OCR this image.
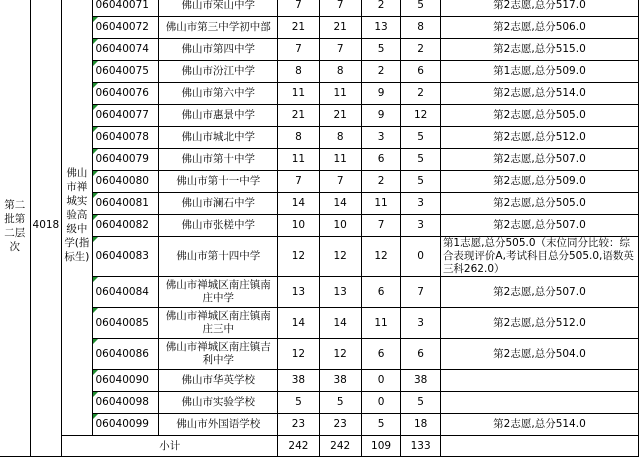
第二批第二层次	4018	佛山市禅城实验高级中学(指标生)	06040071	佛山市荣山中学	7	7	2	5	第2志愿,总分517.0
			06040072	佛山市第三中学初中部	21	21	13	8	第2志愿,总分506.0
			06040074	佛山市第四中学	7	7	5	2	第2志愿,总分515.0
			06040075	佛山市汾江中学	8	8	2	6	第1志愿,总分509.0
			06040076	佛山市第六中学	11	11	9	2	第2志愿,总分514.0
			06040077	佛山市惠景中学	21	21	9	12	第2志愿,总分505.0
			06040078	佛山市城北中学	8	8	3	5	第2志愿,总分512.0
			06040079	佛山市第十中学	11	11	6	5	第2志愿,总分507.0
			06040080	佛山市第十一中学	7	7	2	5	第2志愿,总分509.0
			06040081	佛山市澜石中学	14	14	11	3	第2志愿,总分505.0
			06040082	佛山市张槎中学	10	10	7	3	第2志愿,总分507.0
			06040083	佛山市第十四中学	12	12	12	0	第1志愿,总分505.0（末位同分比较：综合表现评价A,考试科目总分505.0,语数英三科262.0）
			06040084	佛山市禅城区南庄镇南庄中学	13	13	6	7	第2志愿,总分507.0
			06040085	佛山市禅城区南庄镇南庄三中	14	14	11	3	第2志愿,总分512.0
			06040086	佛山市禅城区南庄镇吉利中学	12	12	6	6	第2志愿,总分504.0
			06040090	佛山市华英学校	38	38	0	38	
			06040098	佛山市实验学校	5	5	0	5	
			06040099	佛山市外国语学校	23	23	5	18	第2志愿,总分514.0
		小计			242	242	109	133	
